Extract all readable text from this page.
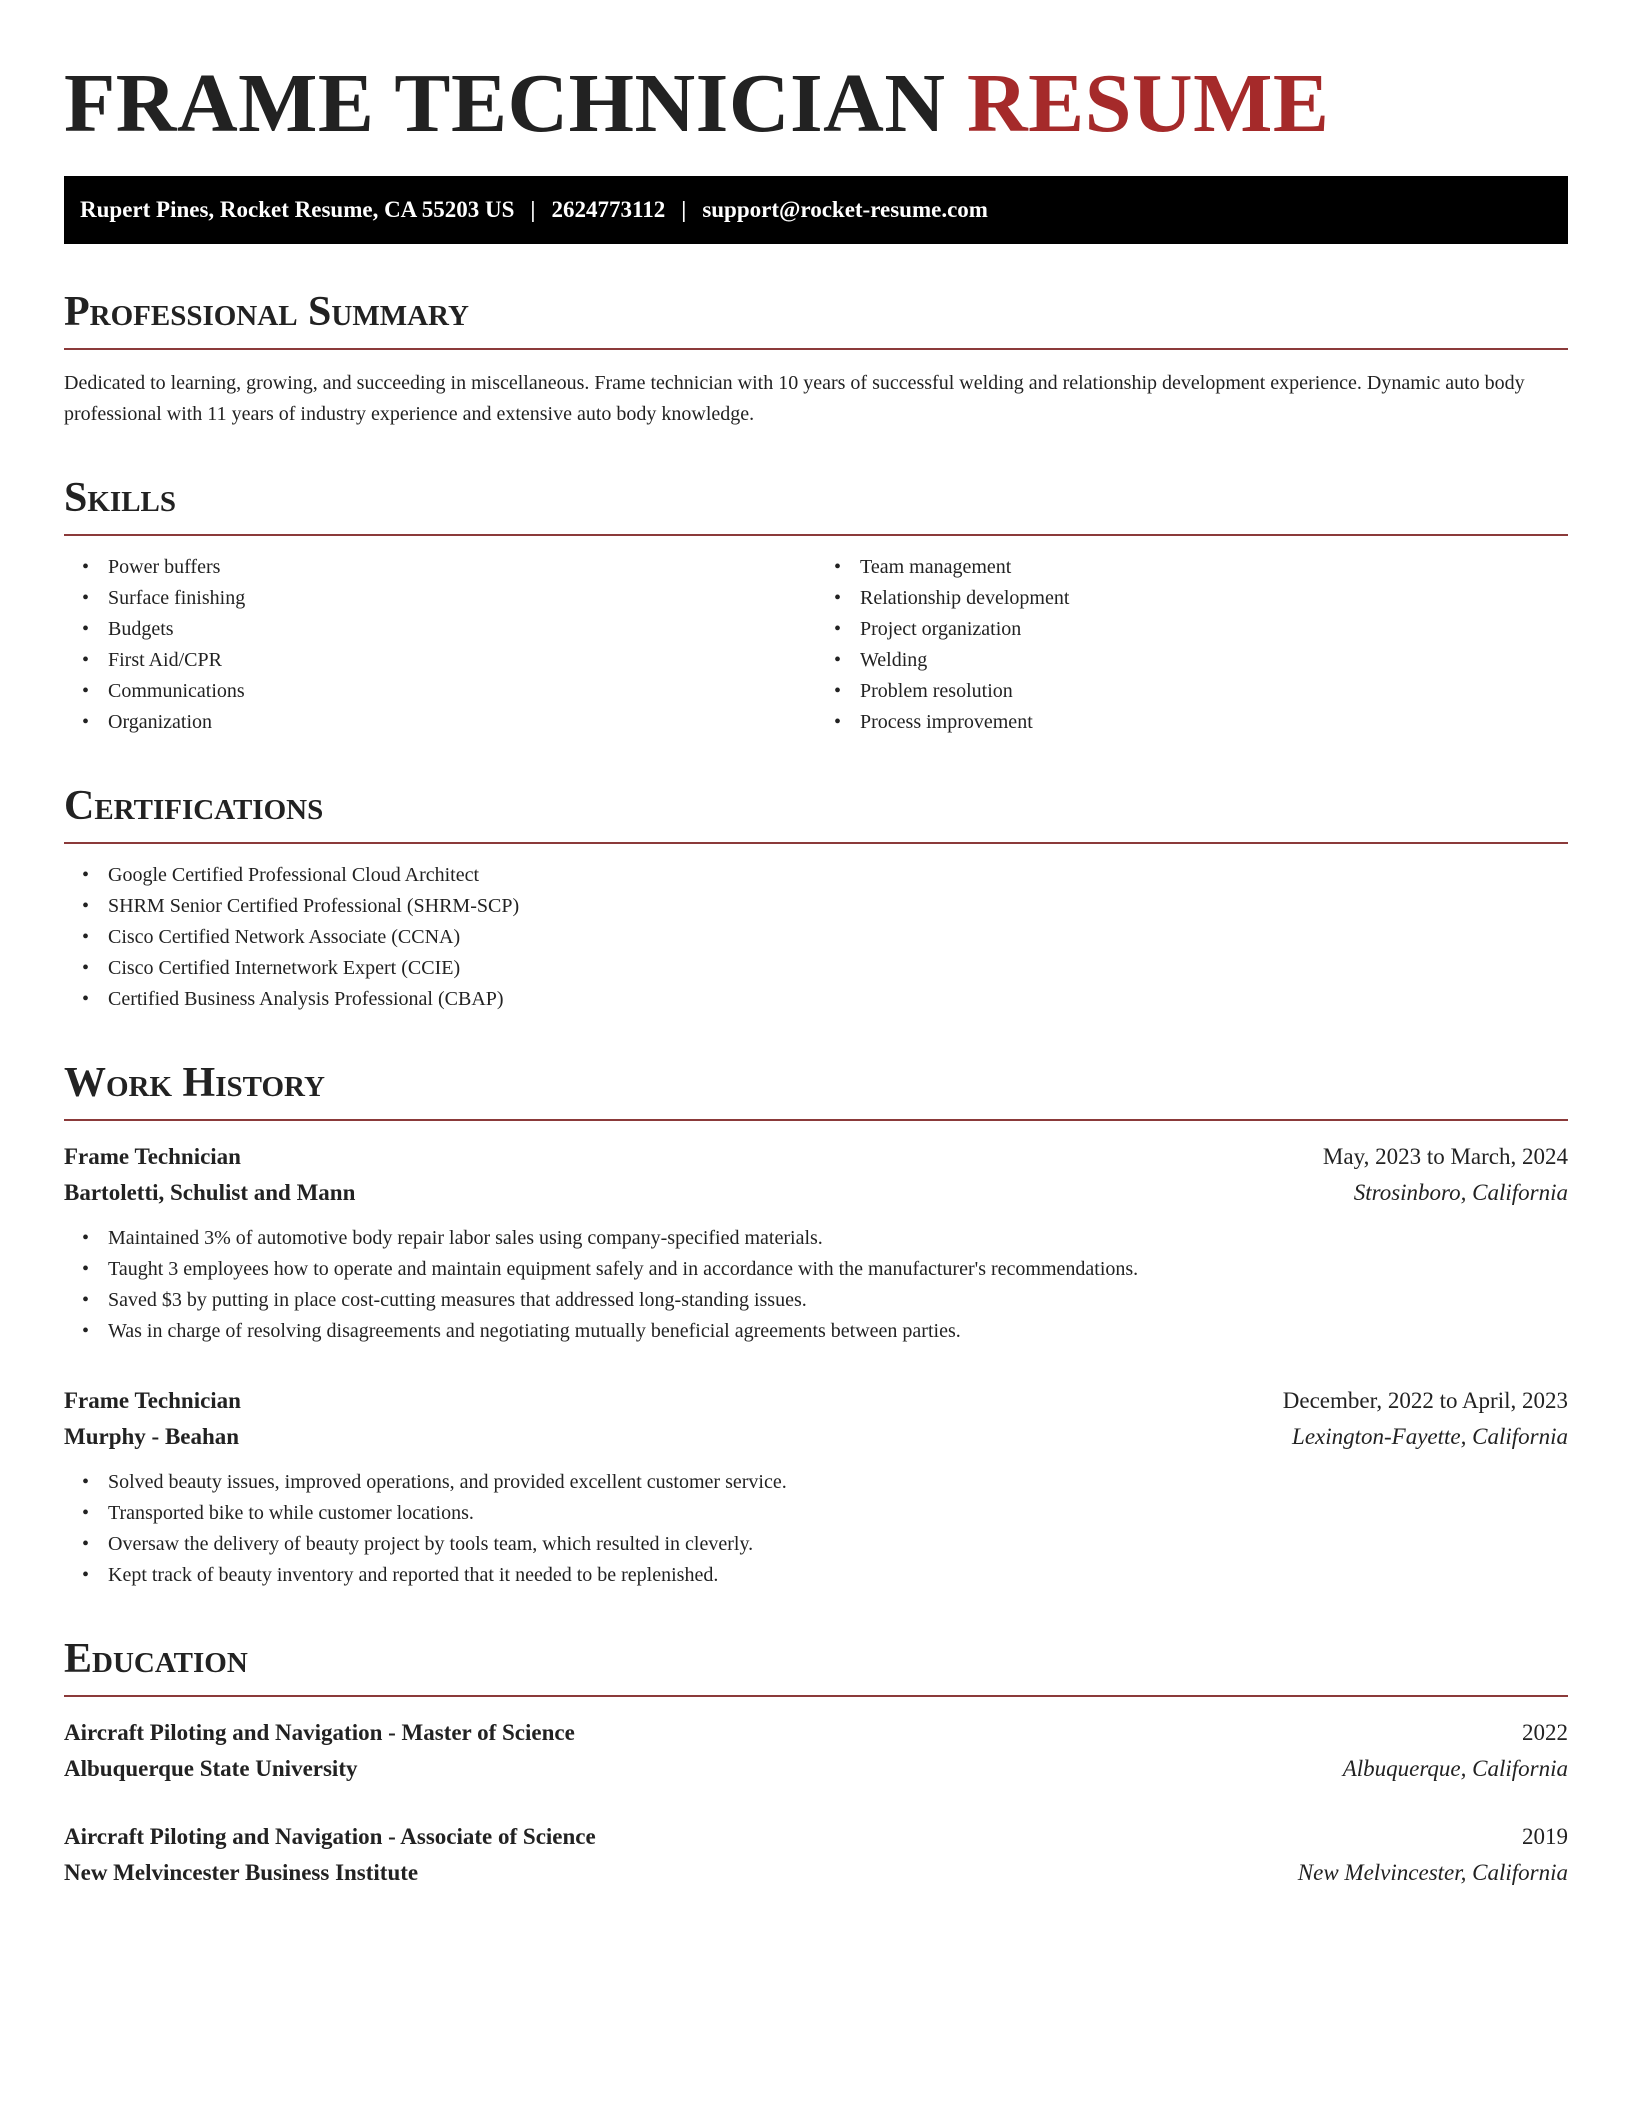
FRAME TECHNICIAN RESUME
Rupert Pines, Rocket Resume, CA 55203 US | 2624773112 | support@rocket-resume.com
Professional Summary

Dedicated to learning, growing, and succeeding in miscellaneous. Frame technician with 10 years of successful welding and relationship development experience. Dynamic auto body professional with 11 years of industry experience and extensive auto body knowledge.

Skills
• Power buffers
• Surface finishing
• Budgets
• First Aid/CPR
• Communications
• Organization
• Team management
• Relationship development
• Project organization
• Welding
• Problem resolution
• Process improvement
Certifications
• Google Certified Professional Cloud Architect
• SHRM Senior Certified Professional (SHRM-SCP)
• Cisco Certified Network Associate (CCNA)
• Cisco Certified Internetwork Expert (CCIE)
• Certified Business Analysis Professional (CBAP)
Work History
Frame Technician	May, 2023 to March, 2024
Bartoletti, Schulist and Mann	Strosinboro, California
• Maintained 3% of automotive body repair labor sales using company-specified materials.
• Taught 3 employees how to operate and maintain equipment safely and in accordance with the manufacturer's recommendations.
• Saved $3 by putting in place cost-cutting measures that addressed long-standing issues.
• Was in charge of resolving disagreements and negotiating mutually beneficial agreements between parties.
Frame Technician	December, 2022 to April, 2023
Murphy - Beahan	Lexington-Fayette, California
• Solved beauty issues, improved operations, and provided excellent customer service.
• Transported bike to while customer locations.
• Oversaw the delivery of beauty project by tools team, which resulted in cleverly.
• Kept track of beauty inventory and reported that it needed to be replenished.
Education
Aircraft Piloting and Navigation - Master of Science	2022
Albuquerque State University	Albuquerque, California
Aircraft Piloting and Navigation - Associate of Science	2019
New Melvincester Business Institute	New Melvincester, California
